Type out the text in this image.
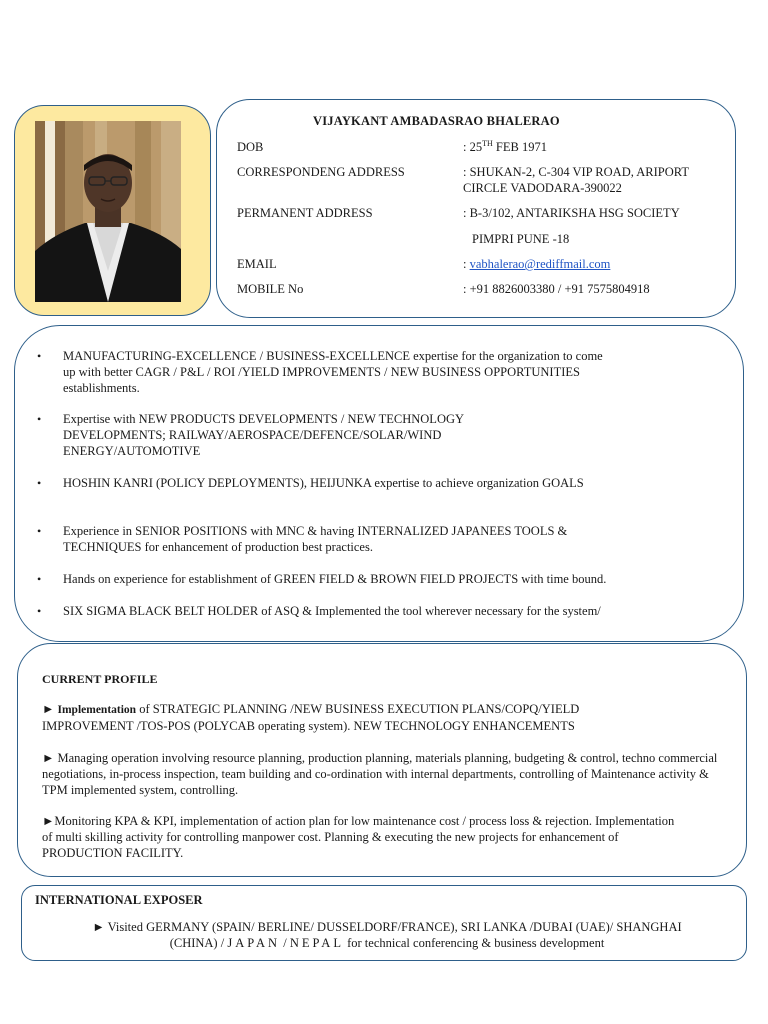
VIJAYKANT AMBADASRAO BHALERAO
DOB	: 25TH FEB 1971
CORRESPONDENG ADDRESS	: SHUKAN-2, C-304 VIP ROAD, ARIPORT CIRCLE VADODARA-390022
PERMANENT ADDRESS	: B-3/102, ANTARIKSHA HSG SOCIETY
PIMPRI PUNE -18
EMAIL	: vabhalerao@rediffmail.com
MOBILE No	: +91 8826003380 / +91 7575804918
• MANUFACTURING-EXCELLENCE / BUSINESS-EXCELLENCE expertise for the organization to come up with better CAGR / P&L / ROI /YIELD IMPROVEMENTS / NEW BUSINESS OPPORTUNITIES establishments.
• Expertise with NEW PRODUCTS DEVELOPMENTS / NEW TECHNOLOGY DEVELOPMENTS; RAILWAY/AEROSPACE/DEFENCE/SOLAR/WIND ENERGY/AUTOMOTIVE
• HOSHIN KANRI (POLICY DEPLOYMENTS), HEIJUNKA expertise to achieve organization GOALS
• Experience in SENIOR POSITIONS with MNC & having INTERNALIZED JAPANEES TOOLS & TECHNIQUES for enhancement of production best practices.
• Hands on experience for establishment of GREEN FIELD & BROWN FIELD PROJECTS with time bound.
• SIX SIGMA BLACK BELT HOLDER of ASQ & Implemented the tool wherever necessary for the system/
CURRENT PROFILE
► Implementation of STRATEGIC PLANNING /NEW BUSINESS EXECUTION PLANS/COPQ/YIELD IMPROVEMENT /TOS-POS (POLYCAB operating system). NEW TECHNOLOGY ENHANCEMENTS
► Managing operation involving resource planning, production planning, materials planning, budgeting & control, techno commercial negotiations, in-process inspection, team building and co-ordination with internal departments, controlling of Maintenance activity & TPM implemented system, controlling.
►Monitoring KPA & KPI, implementation of action plan for low maintenance cost / process loss & rejection. Implementation of multi skilling activity for controlling manpower cost. Planning & executing the new projects for enhancement of PRODUCTION FACILITY.
INTERNATIONAL EXPOSER
► Visited GERMANY (SPAIN/ BERLINE/ DUSSELDORF/FRANCE), SRI LANKA /DUBAI (UAE)/ SHANGHAI
(CHINA) / JAPAN / NEPAL for technical conferencing & business development
